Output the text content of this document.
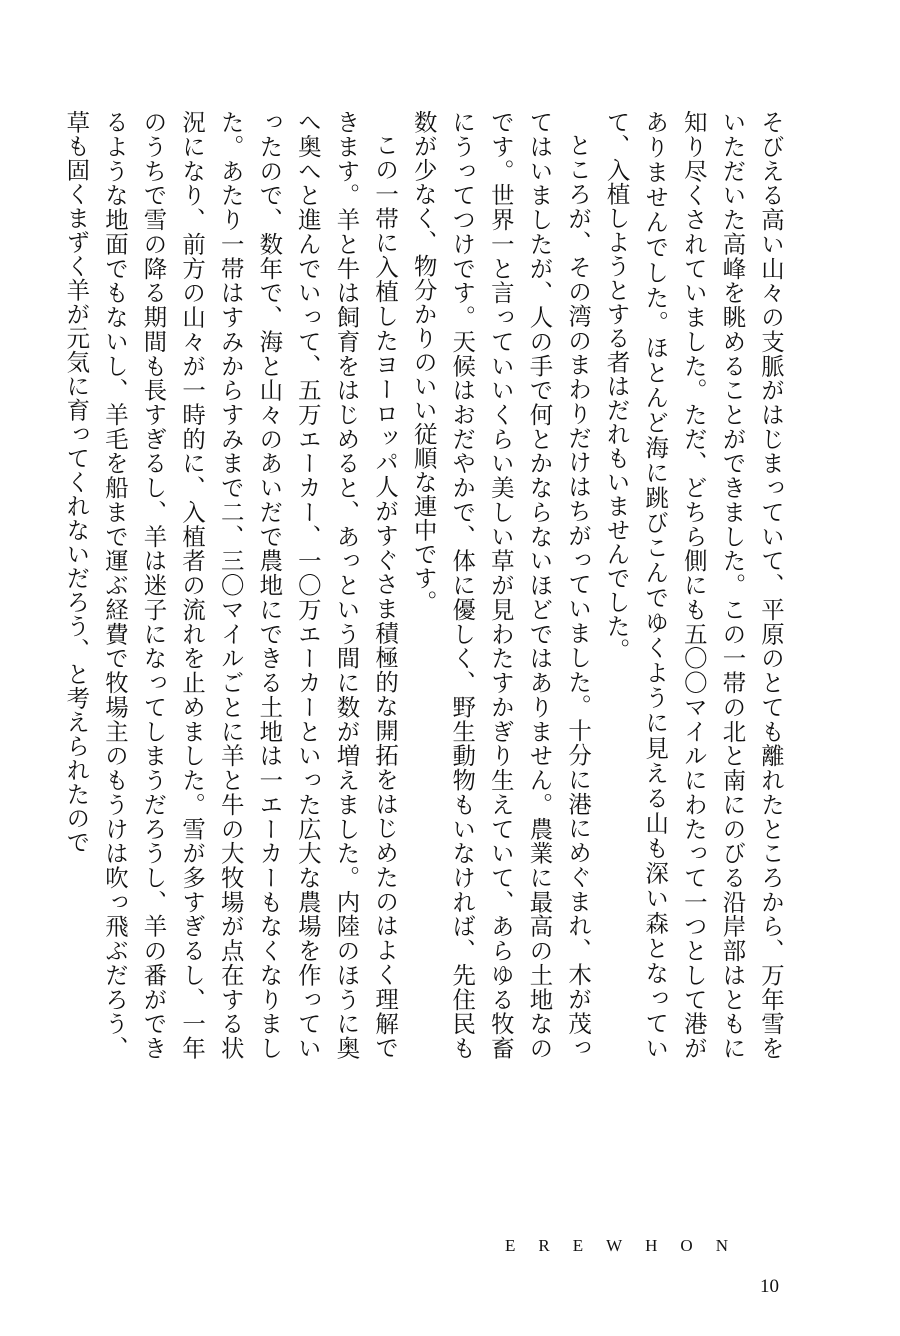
そびえる高い山々の支脈がはじまっていて、平原のとても離れたところから、万年雪をいただいた高峰を眺めることができました。この一帯の北と南にのびる沿岸部はともに知り尽くされていました。ただ、どちら側にも五〇〇マイルにわたって一つとして港がありませんでした。ほとんど海に跳びこんでゆくように見える山も深い森となっていて、入植しようとする者はだれもいませんでした。

ところが、その湾のまわりだけはちがっていました。十分に港にめぐまれ、木が茂ってはいましたが、人の手で何とかならないほどではありません。農業に最高の土地なのです。世界一と言っていいくらい美しい草が見わたすかぎり生えていて、あらゆる牧畜にうってつけです。天候はおだやかで、体に優しく、野生動物もいなければ、先住民も数が少なく、物分かりのいい従順な連中です。

この一帯に入植したヨーロッパ人がすぐさま積極的な開拓をはじめたのはよく理解できます。羊と牛は飼育をはじめると、あっという間に数が増えました。内陸のほうに奥へ奥へと進んでいって、五万エーカー、一〇万エーカーといった広大な農場を作っていったので、数年で、海と山々のあいだで農地にできる土地は一エーカーもなくなりました。あたり一帯はすみからすみまで二、三〇マイルごとに羊と牛の大牧場が点在する状況になり、前方の山々が一時的に、入植者の流れを止めました。雪が多すぎるし、一年のうちで雪の降る期間も長すぎるし、羊は迷子になってしまうだろうし、羊の番ができるような地面でもないし、羊毛を船まで運ぶ経費で牧場主のもうけは吹っ飛ぶだろう、草も固くまずく羊が元気に育ってくれないだろう、と考えられたので

EREWHON
10
